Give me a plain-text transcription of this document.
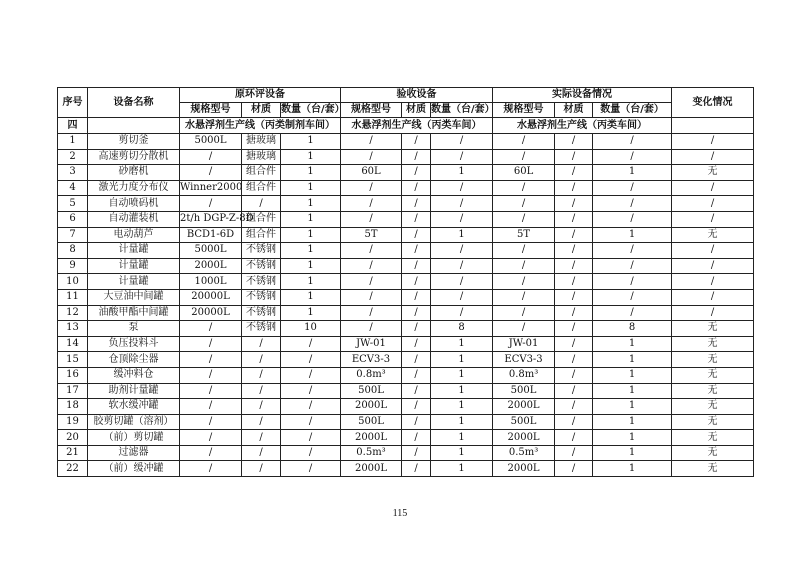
序号	设备名称	原环评设备			验收设备			实际设备情况			变化情况
		规格型号	材质	数量（台/套）	规格型号	材质	数量（台/套）	规格型号	材质	数量（台/套）	
四		水悬浮剂生产线（丙类制剂车间）			水悬浮剂生产线（丙类车间）			水悬浮剂生产线（丙类车间）			
1	剪切釜	5000L	搪玻璃	1	/	/	/	/	/	/	/
2	高速剪切分散机	/	搪玻璃	1	/	/	/	/	/	/	/
3	砂磨机	/	组合件	1	60L	/	1	60L	/	1	无
4	激光力度分布仪	Winner2000	组合件	1	/	/	/	/	/	/	/
5	自动喷码机	/	/	1	/	/	/	/	/	/	/
6	自动灌装机	2t/h DGP-Z-8D	组合件	1	/	/	/	/	/	/	/
7	电动葫芦	BCD1-6D	组合件	1	5T	/	1	5T	/	1	无
8	计量罐	5000L	不锈钢	1	/	/	/	/	/	/	/
9	计量罐	2000L	不锈钢	1	/	/	/	/	/	/	/
10	计量罐	1000L	不锈钢	1	/	/	/	/	/	/	/
11	大豆油中间罐	20000L	不锈钢	1	/	/	/	/	/	/	/
12	油酸甲酯中间罐	20000L	不锈钢	1	/	/	/	/	/	/	/
13	泵	/	不锈钢	10	/	/	8	/	/	8	无
14	负压投料斗	/	/	/	JW-01	/	1	JW-01	/	1	无
15	仓顶除尘器	/	/	/	ECV3-3	/	1	ECV3-3	/	1	无
16	缓冲料仓	/	/	/	0.8m³	/	1	0.8m³	/	1	无
17	助剂计量罐	/	/	/	500L	/	1	500L	/	1	无
18	软水缓冲罐	/	/	/	2000L	/	1	2000L	/	1	无
19	胶剪切罐（溶剂）	/	/	/	500L	/	1	500L	/	1	无
20	（前）剪切罐	/	/	/	2000L	/	1	2000L	/	1	无
21	过滤器	/	/	/	0.5m³	/	1	0.5m³	/	1	无
22	（前）缓冲罐	/	/	/	2000L	/	1	2000L	/	1	无
115
